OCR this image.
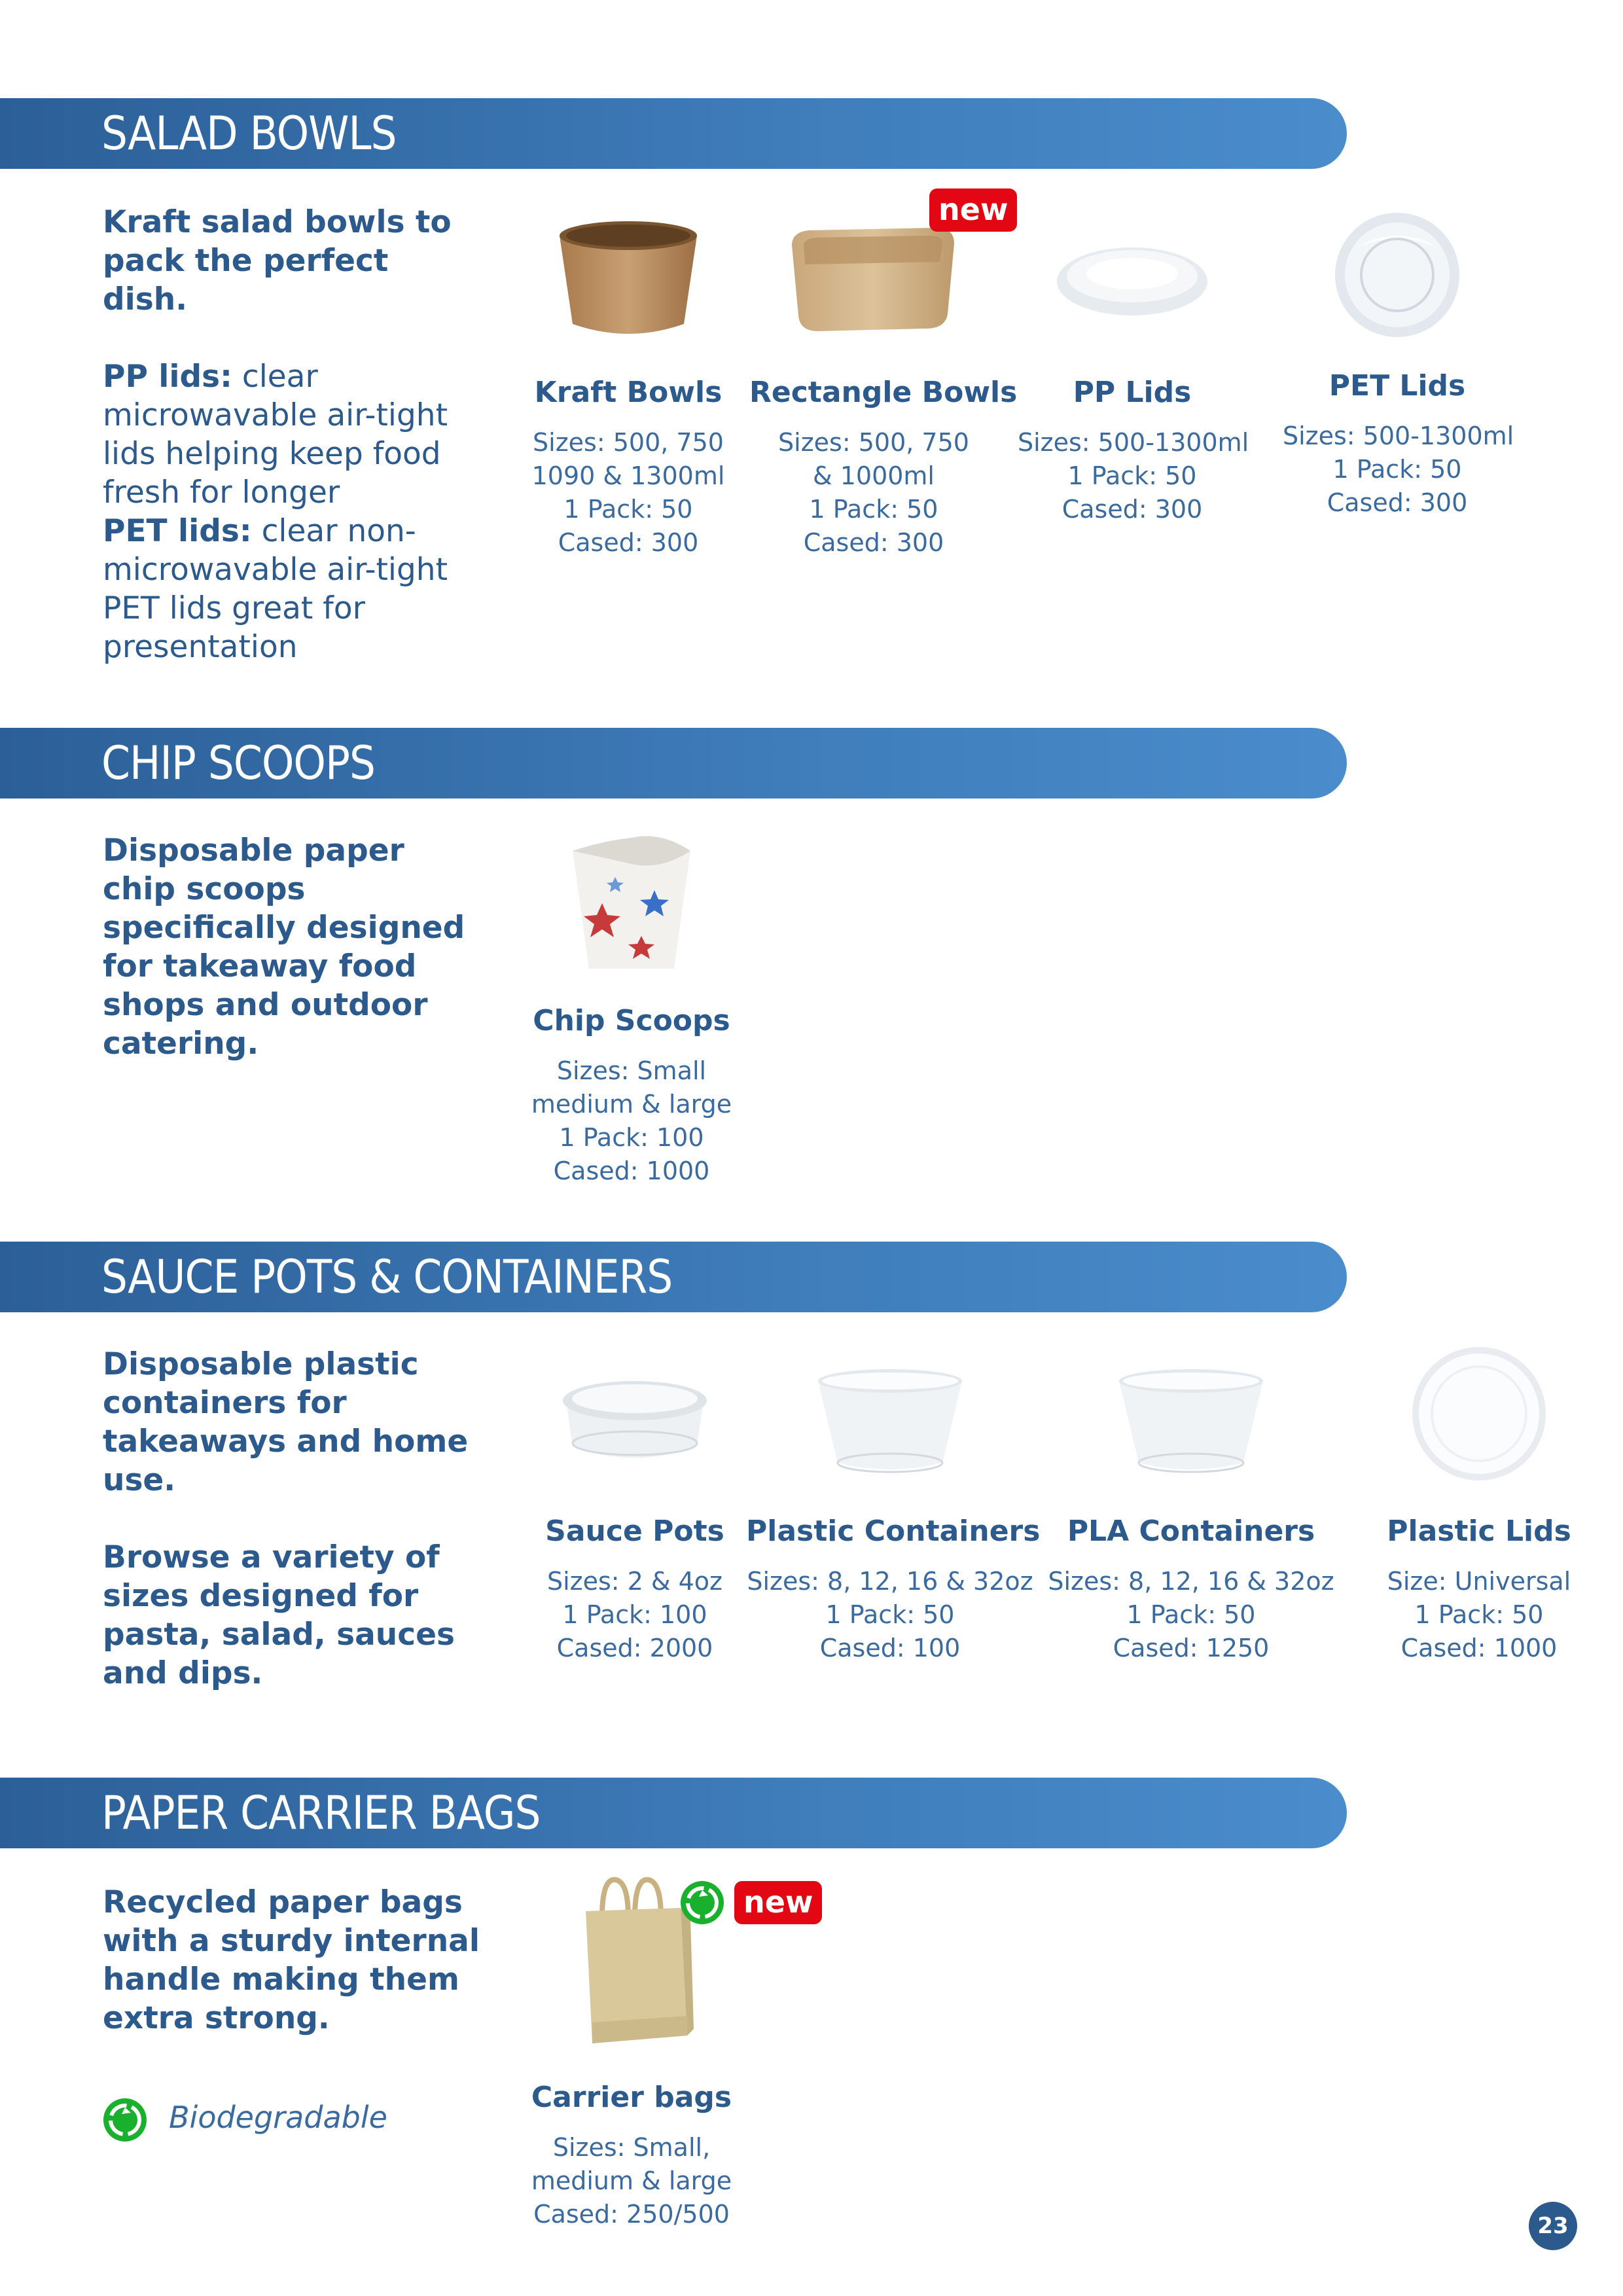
SALAD BOWLS

Kraft salad bowls to pack the perfect dish.

PP lids: clear microwavable air-tight lids helping keep food fresh for longer

PET lids: clear non-microwavable air-tight PET lids great for presentation

Kraft Bowls
Sizes: 500, 750
1090 & 1300ml
1 Pack: 50
Cased: 300
Rectangle Bowls
Sizes: 500, 750
& 1000ml
1 Pack: 50
Cased: 300
new
PP Lids
Sizes: 500-1300ml
1 Pack: 50
Cased: 300
PET Lids
Sizes: 500-1300ml
1 Pack: 50
Cased: 300
CHIP SCOOPS
Disposable paper
chip scoops
specifically designed
for takeaway food
shops and outdoor
catering.
Chip Scoops
Sizes: Small
medium & large
1 Pack: 100
Cased: 1000
SAUCE POTS & CONTAINERS
Disposable plastic
containers for
takeaways and home
use.
Browse a variety of
sizes designed for
pasta, salad, sauces
and dips.
Sauce Pots
Sizes: 2 & 4oz
1 Pack: 100
Cased: 2000
Plastic Containers
Sizes: 8, 12, 16 & 32oz
1 Pack: 50
Cased: 100
PLA Containers
Sizes: 8, 12, 16 & 32oz
1 Pack: 50
Cased: 1250
Plastic Lids
Size: Universal
1 Pack: 50
Cased: 1000
PAPER CARRIER BAGS
Recycled paper bags
with a sturdy internal
handle making them
extra strong.
Biodegradable
Carrier bags
Sizes: Small,
medium & large
Cased: 250/500
new
23
